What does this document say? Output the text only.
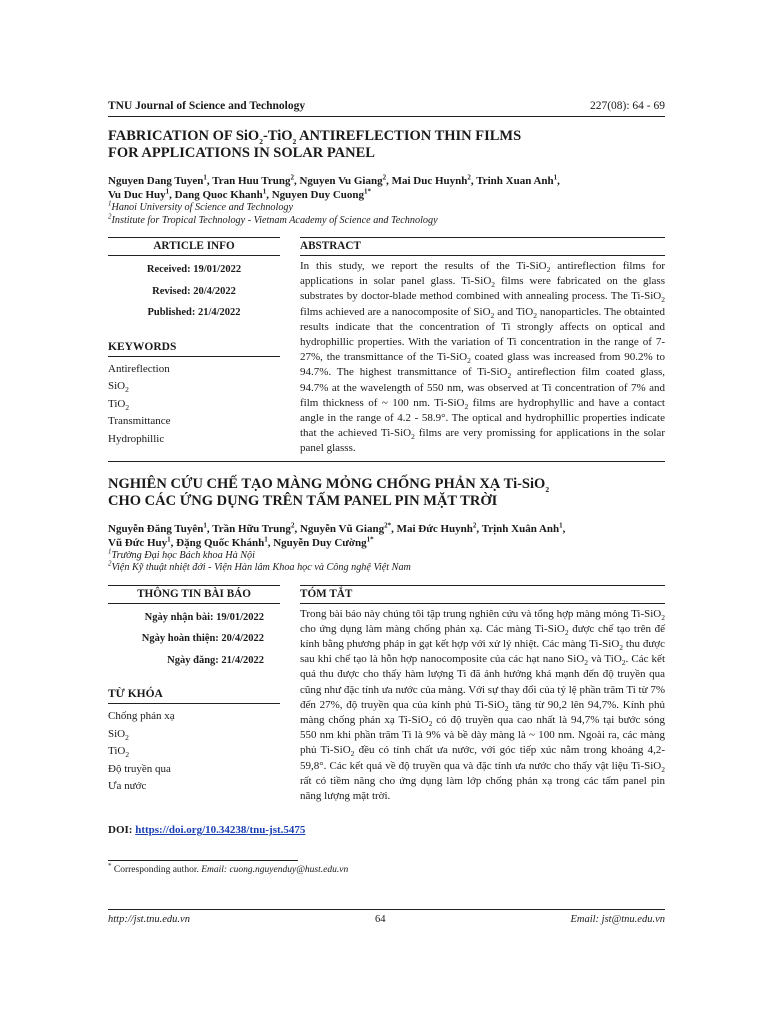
TNU Journal of Science and Technology	227(08): 64 - 69
FABRICATION OF SiO$_2$-TiO$_2$ ANTIREFLECTION THIN FILMS
FOR APPLICATIONS IN SOLAR PANEL
Nguyen Dang Tuyen$^1$, Tran Huu Trung$^2$, Nguyen Vu Giang$^2$, Mai Duc Huynh$^2$, Trinh Xuan Anh$^1$,
Vu Duc Huy$^1$, Dang Quoc Khanh$^1$, Nguyen Duy Cuong$^{1*}$
$^1$Hanoi University of Science and Technology
$^2$Institute for Tropical Technology - Vietnam Academy of Science and Technology
ARTICLE INFO
Received: 19/01/2022
Revised: 20/4/2022
Published: 21/4/2022
KEYWORDS
Antireflection
SiO$_2$
TiO$_2$
Transmittance
Hydrophillic
ABSTRACT
In this study, we report the results of the Ti-SiO$_2$ antireflection films for applications in solar panel glass. Ti-SiO$_2$ films were fabricated on the glass substrates by doctor-blade method combined with annealing process. The Ti-SiO$_2$ films achieved are a nanocomposite of SiO$_2$ and TiO$_2$ nanoparticles. The obtainted results indicate that the concentration of Ti strongly affects on optical and hydrophillic properties. With the variation of Ti concentration in the range of 7-27%, the transmittance of the Ti-SiO$_2$ coated glass was increased from 90.2% to 94.7%. The highest transmittance of Ti-SiO$_2$ antireflection film coated glass, 94.7% at the wavelength of 550 nm, was observed at Ti concentration of 7% and film thickness of ~ 100 nm. Ti-SiO$_2$ films are hydrophyllic and have a contact angle in the range of 4.2 - 58.9°. The optical and hydrophillic properties indicate that the achieved Ti-SiO$_2$ films are very promissing for applications in the solar panel glasss.
NGHIÊN CỨU CHẾ TẠO MÀNG MỎNG CHỐNG PHẢN XẠ Ti-SiO$_2$
CHO CÁC ỨNG DỤNG TRÊN TẤM PANEL PIN MẶT TRỜI
Nguyễn Đăng Tuyên$^1$, Trần Hữu Trung$^2$, Nguyễn Vũ Giang$^{2*}$, Mai Đức Huynh$^2$, Trịnh Xuân Anh$^1$,
Vũ Đức Huy$^1$, Đặng Quốc Khánh$^1$, Nguyễn Duy Cường$^{1*}$
$^1$Trường Đại học Bách khoa Hà Nội
$^2$Viện Kỹ thuật nhiệt đới - Viện Hàn lâm Khoa học và Công nghệ Việt Nam
THÔNG TIN BÀI BÁO
Ngày nhận bài: 19/01/2022
Ngày hoàn thiện: 20/4/2022
Ngày đăng: 21/4/2022
TỪ KHÓA
Chống phản xạ
SiO$_2$
TiO$_2$
Độ truyền qua
Ưa nước
TÓM TẮT
Trong bài báo này chúng tôi tập trung nghiên cứu và tổng hợp màng mỏng Ti-SiO$_2$ cho ứng dụng làm màng chống phản xạ. Các màng Ti-SiO$_2$ được chế tạo trên đế kính bằng phương pháp in gạt kết hợp với xử lý nhiệt. Các màng Ti-SiO$_2$ thu được sau khi chế tạo là hỗn hợp nanocomposite của các hạt nano SiO$_2$ và TiO$_2$. Các kết quả thu được cho thấy hàm lượng Ti đã ảnh hưởng khá mạnh đến độ truyền qua cũng như đặc tính ưa nước của màng. Với sự thay đổi của tỷ lệ phần trăm Ti từ 7% đến 27%, độ truyền qua của kính phủ Ti-SiO$_2$ tăng từ 90,2 lên 94,7%. Kính phủ màng chống phản xạ Ti-SiO$_2$ có độ truyền qua cao nhất là 94,7% tại bước sóng 550 nm khi phần trăm Ti là 9% và bề dày màng là ~ 100 nm. Ngoài ra, các màng phủ Ti-SiO$_2$ đều có tính chất ưa nước, với góc tiếp xúc nằm trong khoảng 4,2-59,8°. Các kết quả về độ truyền qua và đặc tính ưa nước cho thấy vật liệu Ti-SiO$_2$ rất có tiềm năng cho ứng dụng làm lớp chống phản xạ trong các tấm panel pin năng lượng mặt trời.
DOI: https://doi.org/10.34238/tnu-jst.5475
* Corresponding author. Email: cuong.nguyenduy@hust.edu.vn
http://jst.tnu.edu.vn	64	Email: jst@tnu.edu.vn
